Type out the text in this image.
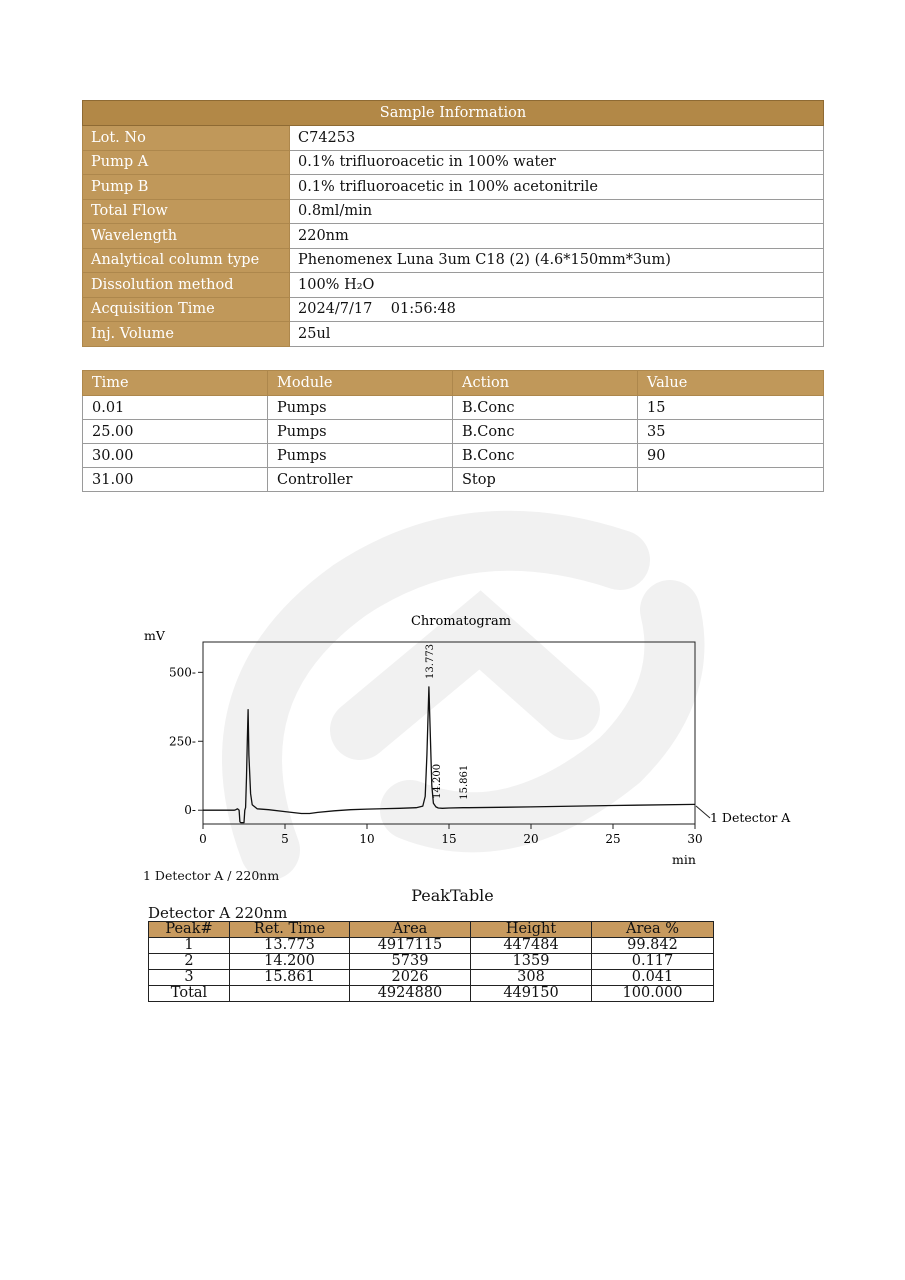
Sample Information	
Lot. No	C74253
Pump A	0.1% trifluoroacetic in 100% water
Pump B	0.1% trifluoroacetic in 100% acetonitrile
Total Flow	0.8ml/min
Wavelength	220nm
Analytical column type	Phenomenex Luna 3um C18 (2) (4.6*150mm*3um)
Dissolution method	100% H₂O
Acquisition Time	2024/7/17    01:56:48
Inj. Volume	25ul
Time	Module	Action	Value
0.01	Pumps	B.Conc	15
25.00	Pumps	B.Conc	35
30.00	Pumps	B.Conc	90
31.00	Controller	Stop	
Chromatogram
mV
min
0	5	10	15	20	25	30
0-
250-
500-	13.773
14.200 15.861
1 Detector A
1 Detector A / 220nm
PeakTable
Detector A 220nm
Peak#	Ret. Time	Area	Height	Area %
1	13.773	4917115	447484	99.842
2	14.200	5739	1359	0.117
3	15.861	2026	308	0.041
Total		4924880	449150	100.000
